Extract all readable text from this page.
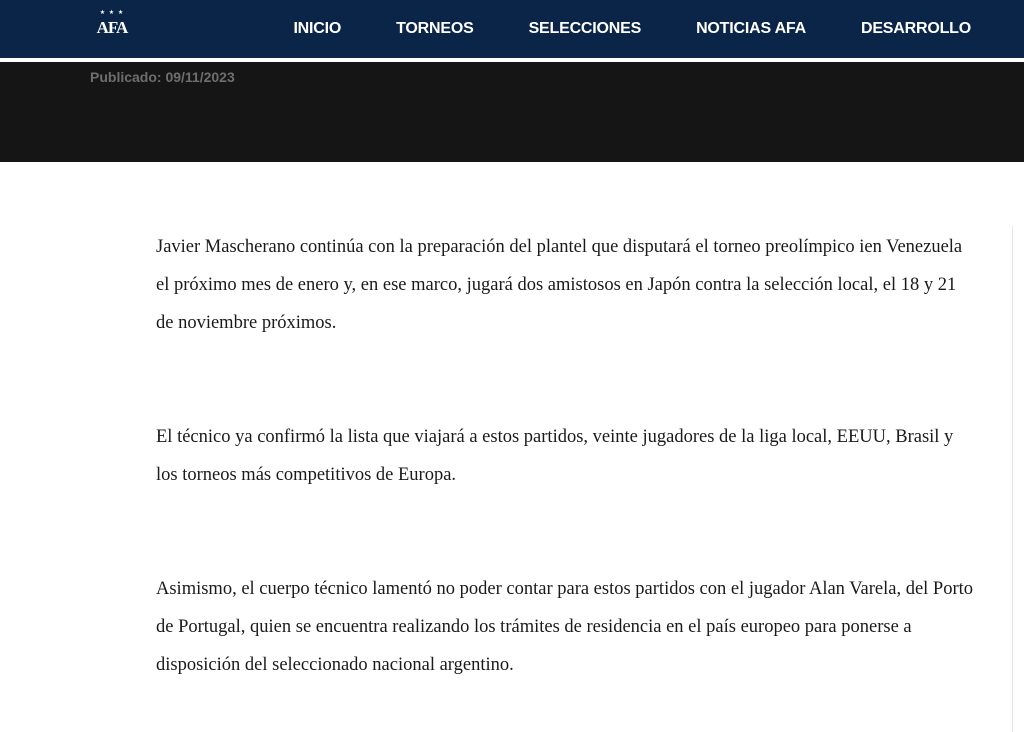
★ ★ ★
AFA	INICIO	TORNEOS	SELECCIONES	NOTICIAS AFA	DESARROLLO
Publicado: 09/11/2023

Javier Mascherano continúa con la preparación del plantel que disputará el torneo preolímpico ien Venezuela el próximo mes de enero y, en ese marco, jugará dos amistosos en Japón contra la selección local, el 18 y 21 de noviembre próximos.

El técnico ya confirmó la lista que viajará a estos partidos, veinte jugadores de la liga local, EEUU, Brasil y los torneos más competitivos de Europa.

Asimismo, el cuerpo técnico lamentó no poder contar para estos partidos con el jugador Alan Varela, del Porto de Portugal, quien se encuentra realizando los trámites de residencia en el país europeo para ponerse a disposición del seleccionado nacional argentino.
